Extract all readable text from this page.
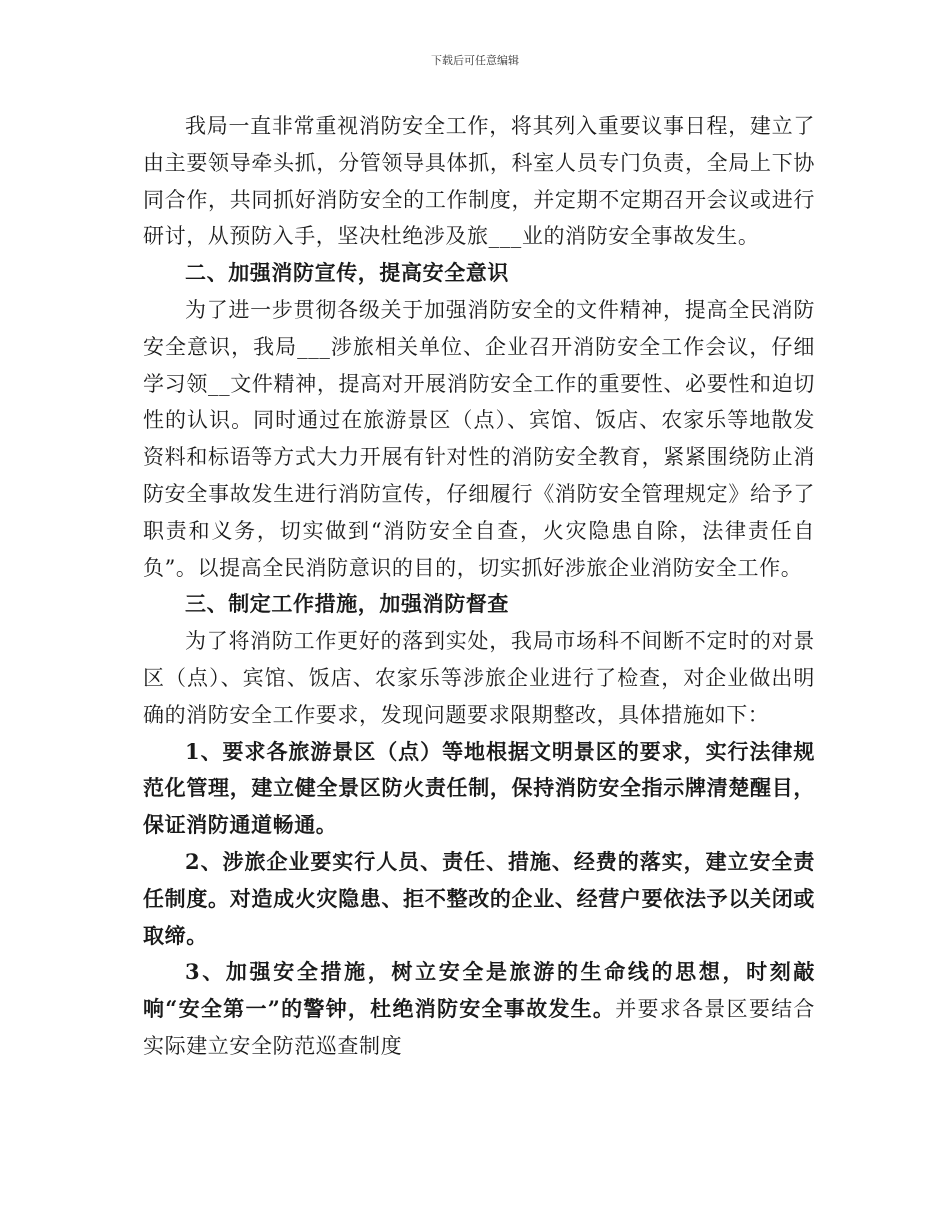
下载后可任意编辑

我局一直非常重视消防安全工作，将其列入重要议事日程，建立了由主要领导牵头抓，分管领导具体抓，科室人员专门负责，全局上下协同合作，共同抓好消防安全的工作制度，并定期不定期召开会议或进行研讨，从预防入手，坚决杜绝涉及旅___业的消防安全事故发生。

二、加强消防宣传，提高安全意识

为了进一步贯彻各级关于加强消防安全的文件精神，提高全民消防安全意识，我局___涉旅相关单位、企业召开消防安全工作会议，仔细学习领__文件精神，提高对开展消防安全工作的重要性、必要性和迫切性的认识。同时通过在旅游景区（点）、宾馆、饭店、农家乐等地散发资料和标语等方式大力开展有针对性的消防安全教育，紧紧围绕防止消防安全事故发生进行消防宣传，仔细履行《消防安全管理规定》给予了职责和义务，切实做到“消防安全自查，火灾隐患自除，法律责任自负”。以提高全民消防意识的目的，切实抓好涉旅企业消防安全工作。

三、制定工作措施，加强消防督查

为了将消防工作更好的落到实处，我局市场科不间断不定时的对景区（点）、宾馆、饭店、农家乐等涉旅企业进行了检查，对企业做出明确的消防安全工作要求，发现问题要求限期整改，具体措施如下：

1、要求各旅游景区（点）等地根据文明景区的要求，实行法律规范化管理，建立健全景区防火责任制，保持消防安全指示牌清楚醒目，保证消防通道畅通。

2、涉旅企业要实行人员、责任、措施、经费的落实，建立安全责任制度。对造成火灾隐患、拒不整改的企业、经营户要依法予以关闭或取缔。

3、加强安全措施，树立安全是旅游的生命线的思想，时刻敲响“安全第一”的警钟，杜绝消防安全事故发生。并要求各景区要结合实际建立安全防范巡查制度
